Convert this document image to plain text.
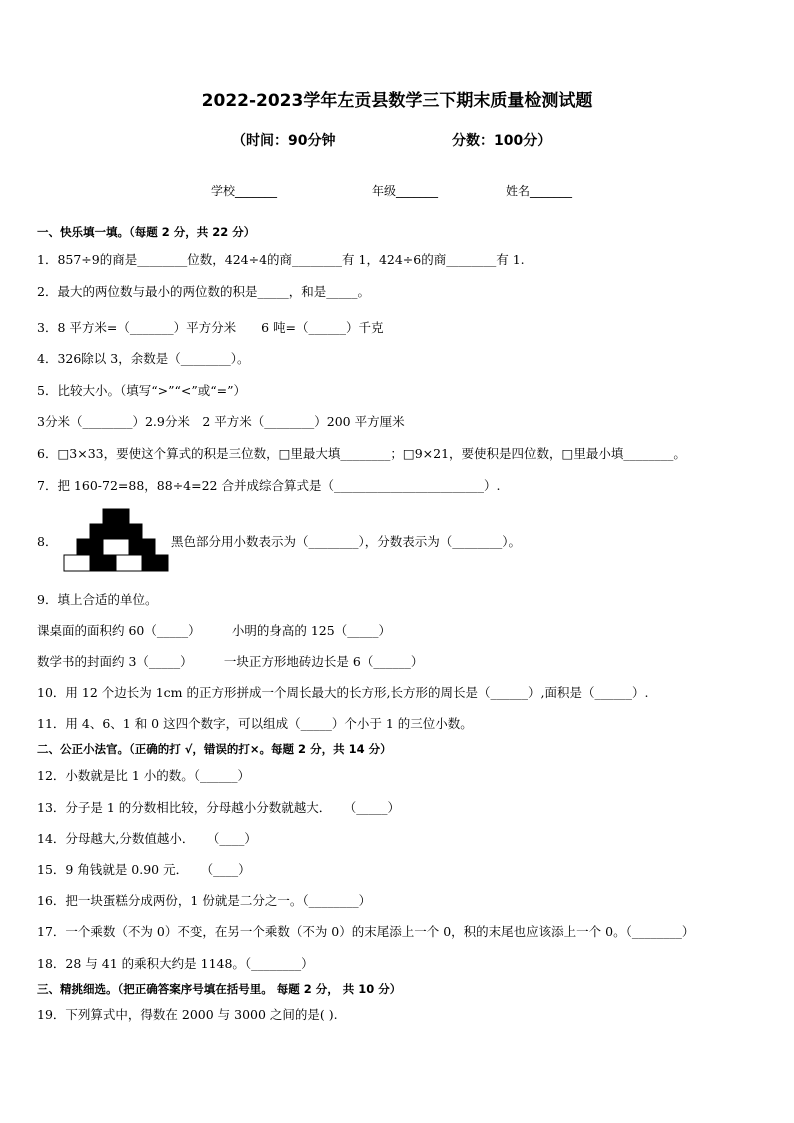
2022-2023学年左贡县数学三下期末质量检测试题
（时间：90分钟	分数：100分）
学校_______	年级_______	姓名_______
一、快乐填一填。（每题 2 分，共 22 分）
1．857÷9的商是________位数，424÷4的商________有 1，424÷6的商________有 1.
2．最大的两位数与最小的两位数的积是_____，和是_____。
3．8 平方米=（_______）平方分米　　6 吨=（______）千克
4．326除以 3，余数是（________）。
5．比较大小。（填写“>”“<”或“=”）
3分米（________）2.9分米　2 平方米（________）200 平方厘米
6．□3×33，要使这个算式的积是三位数，□里最大填________；□9×21，要使积是四位数，□里最小填________。
7．把 160-72=88，88÷4=22 合并成综合算式是（________________________）.
8．	黑色部分用小数表示为（________），分数表示为（________）。
9．填上合适的单位。
课桌面的面积约 60（_____）　　　小明的身高的 125（_____）
数学书的封面约 3（_____）　　　一块正方形地砖边长是 6（______）
10．用 12 个边长为 1cm 的正方形拼成一个周长最大的长方形,长方形的周长是（______）,面积是（______）.
11．用 4、6、1 和 0 这四个数字，可以组成（_____）个小于 1 的三位小数。
二、公正小法官。（正确的打 √，错误的打×。每题 2 分，共 14 分）
12．小数就是比 1 小的数。（______）
13．分子是 1 的分数相比较，分母越小分数就越大．　　（_____）
14．分母越大,分数值越小．　　（____）
15．9 角钱就是 0.90 元．　　（____）
16．把一块蛋糕分成两份，1 份就是二分之一。（________）
17．一个乘数（不为 0）不变，在另一个乘数（不为 0）的末尾添上一个 0，积的末尾也应该添上一个 0。（________）
18．28 与 41 的乘积大约是 1148。（________）
三、精挑细选。（把正确答案序号填在括号里。 每题 2 分， 共 10 分）
19．下列算式中，得数在 2000 与 3000 之间的是( ).
